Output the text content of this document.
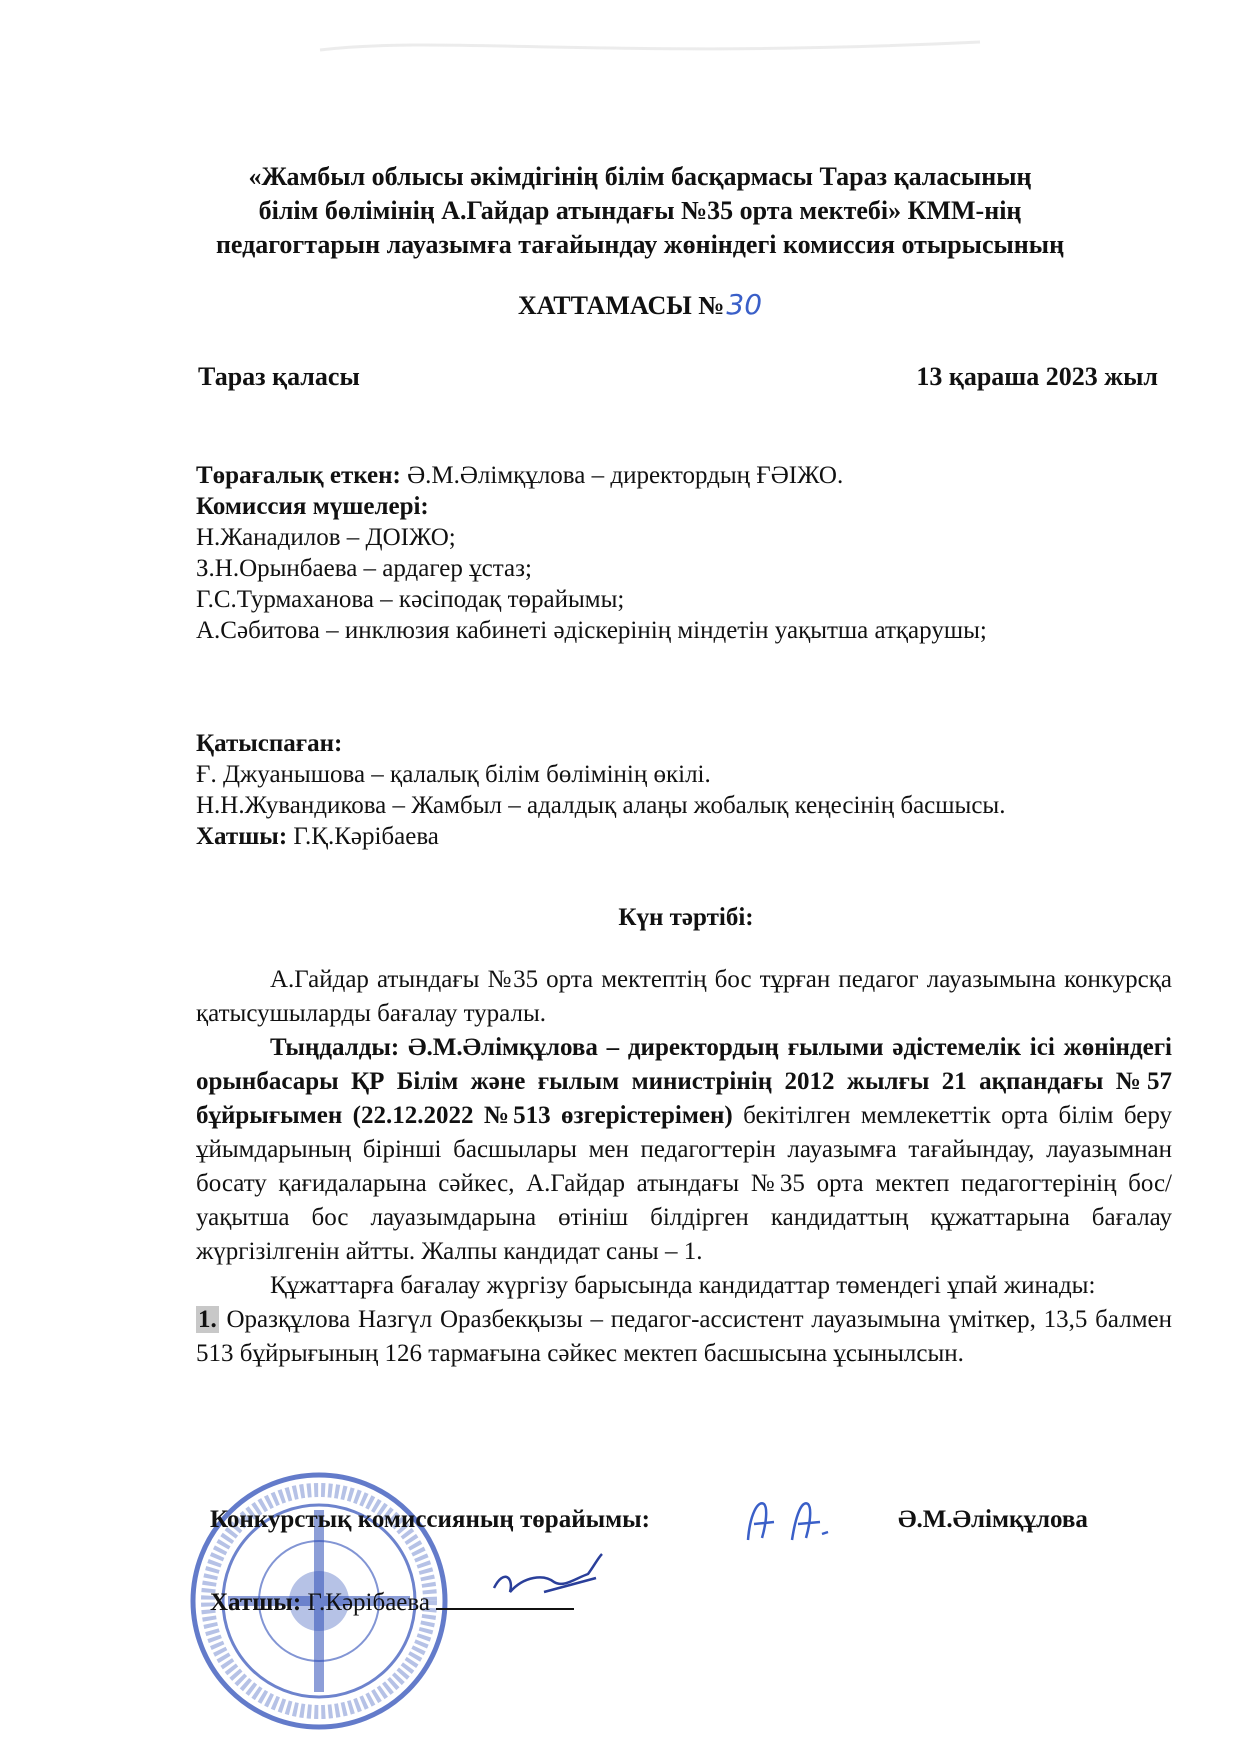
«Жамбыл облысы әкімдігінің білім басқармасы Тараз қаласының
білім бөлімінің А.Гайдар атындағы №35 орта мектебі» КММ-нің
педагогтарын лауазымға тағайындау жөніндегі комиссия отырысының
ХАТТАМАСЫ №30
Тараз қаласы	13 қараша 2023 жыл

Төрағалық еткен: Ә.М.Әлімқұлова – директордың ҒӘІЖО.

Комиссия мүшелері:

Н.Жанадилов – ДОІЖО;

З.Н.Орынбаева – ардагер ұстаз;

Г.С.Турмаханова – кәсіподақ төрайымы;

А.Сәбитова – инклюзия кабинеті әдіскерінің міндетін уақытша атқарушы;

Қатыспаған:

Ғ. Джуанышова – қалалық білім бөлімінің өкілі.

Н.Н.Жувандикова – Жамбыл – адалдық алаңы жобалық кеңесінің басшысы.

Хатшы: Г.Қ.Кәрібаева

Күн тәртібі:

А.Гайдар атындағы №35 орта мектептің бос тұрған педагог лауазымына конкурсқа қатысушыларды бағалау туралы.

Тыңдалды: Ә.М.Әлімқұлова – директордың ғылыми әдістемелік ісі жөніндегі орынбасары ҚР Білім және ғылым министрінің 2012 жылғы 21 ақпандағы №57 бұйрығымен (22.12.2022 №513 өзгерістерімен) бекітілген мемлекеттік орта білім беру ұйымдарының бірінші басшылары мен педагогтерін лауазымға тағайындау, лауазымнан босату қағидаларына сәйкес, А.Гайдар атындағы №35 орта мектеп педагогтерінің бос/уақытша бос лауазымдарына өтініш білдірген кандидаттың құжаттарына бағалау жүргізілгенін айтты. Жалпы кандидат саны – 1.

Құжаттарға бағалау жүргізу барысында кандидаттар төмендегі ұпай жинады:

1. Оразқұлова Назгүл Оразбекқызы – педагог-ассистент лауазымына үміткер, 13,5 балмен 513 бұйрығының 126 тармағына сәйкес мектеп басшысына ұсынылсын.

Конкурстық комиссияның төрайымы:	Ә.М.Әлімқұлова
Хатшы: Г.Кәрібаева
